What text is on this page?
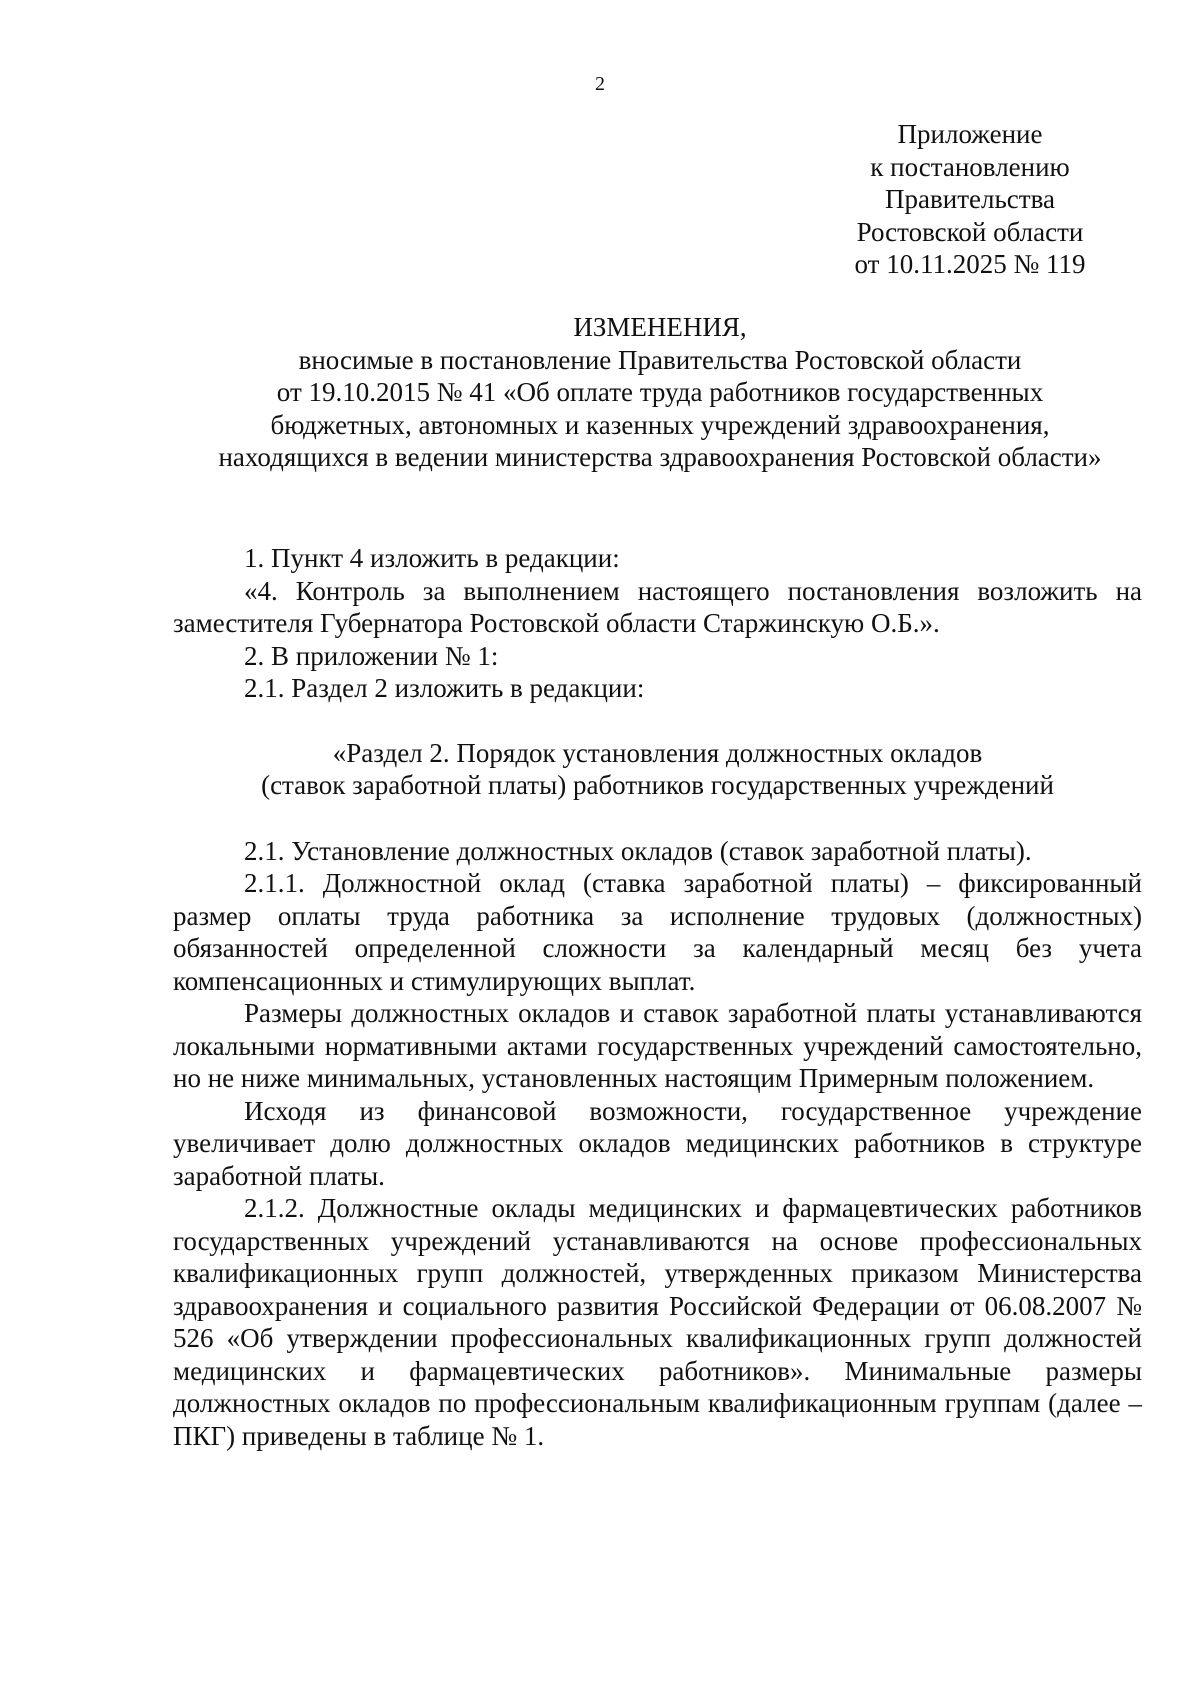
2
Приложение
к постановлению
Правительства
Ростовской области
от 10.11.2025 № 119
ИЗМЕНЕНИЯ,
вносимые в постановление Правительства Ростовской области
от 19.10.2015 № 41 «Об оплате труда работников государственных
бюджетных, автономных и казенных учреждений здравоохранения,
находящихся в ведении министерства здравоохранения Ростовской области»

1. Пункт 4 изложить в редакции:

«4. Контроль за выполнением настоящего постановления возложить на заместителя Губернатора Ростовской области Старжинскую О.Б.».

2. В приложении № 1:

2.1. Раздел 2 изложить в редакции:

«Раздел 2. Порядок установления должностных окладов
(ставок заработной платы) работников государственных учреждений

2.1. Установление должностных окладов (ставок заработной платы).

2.1.1. Должностной оклад (ставка заработной платы) – фиксированный размер оплаты труда работника за исполнение трудовых (должностных) обязанностей определенной сложности за календарный месяц без учета компенсационных и стимулирующих выплат.

Размеры должностных окладов и ставок заработной платы устанавливаются локальными нормативными актами государственных учреждений самостоятельно, но не ниже минимальных, установленных настоящим Примерным положением.

Исходя из финансовой возможности, государственное учреждение увеличивает долю должностных окладов медицинских работников в структуре заработной платы.

2.1.2. Должностные оклады медицинских и фармацевтических работников государственных учреждений устанавливаются на основе профессиональных квалификационных групп должностей, утвержденных приказом Министерства здравоохранения и социального развития Российской Федерации от 06.08.2007 № 526 «Об утверждении профессиональных квалификационных групп должностей медицинских и фармацевтических работников». Минимальные размеры должностных окладов по профессиональным квалификационным группам (далее – ПКГ) приведены в таблице № 1.
